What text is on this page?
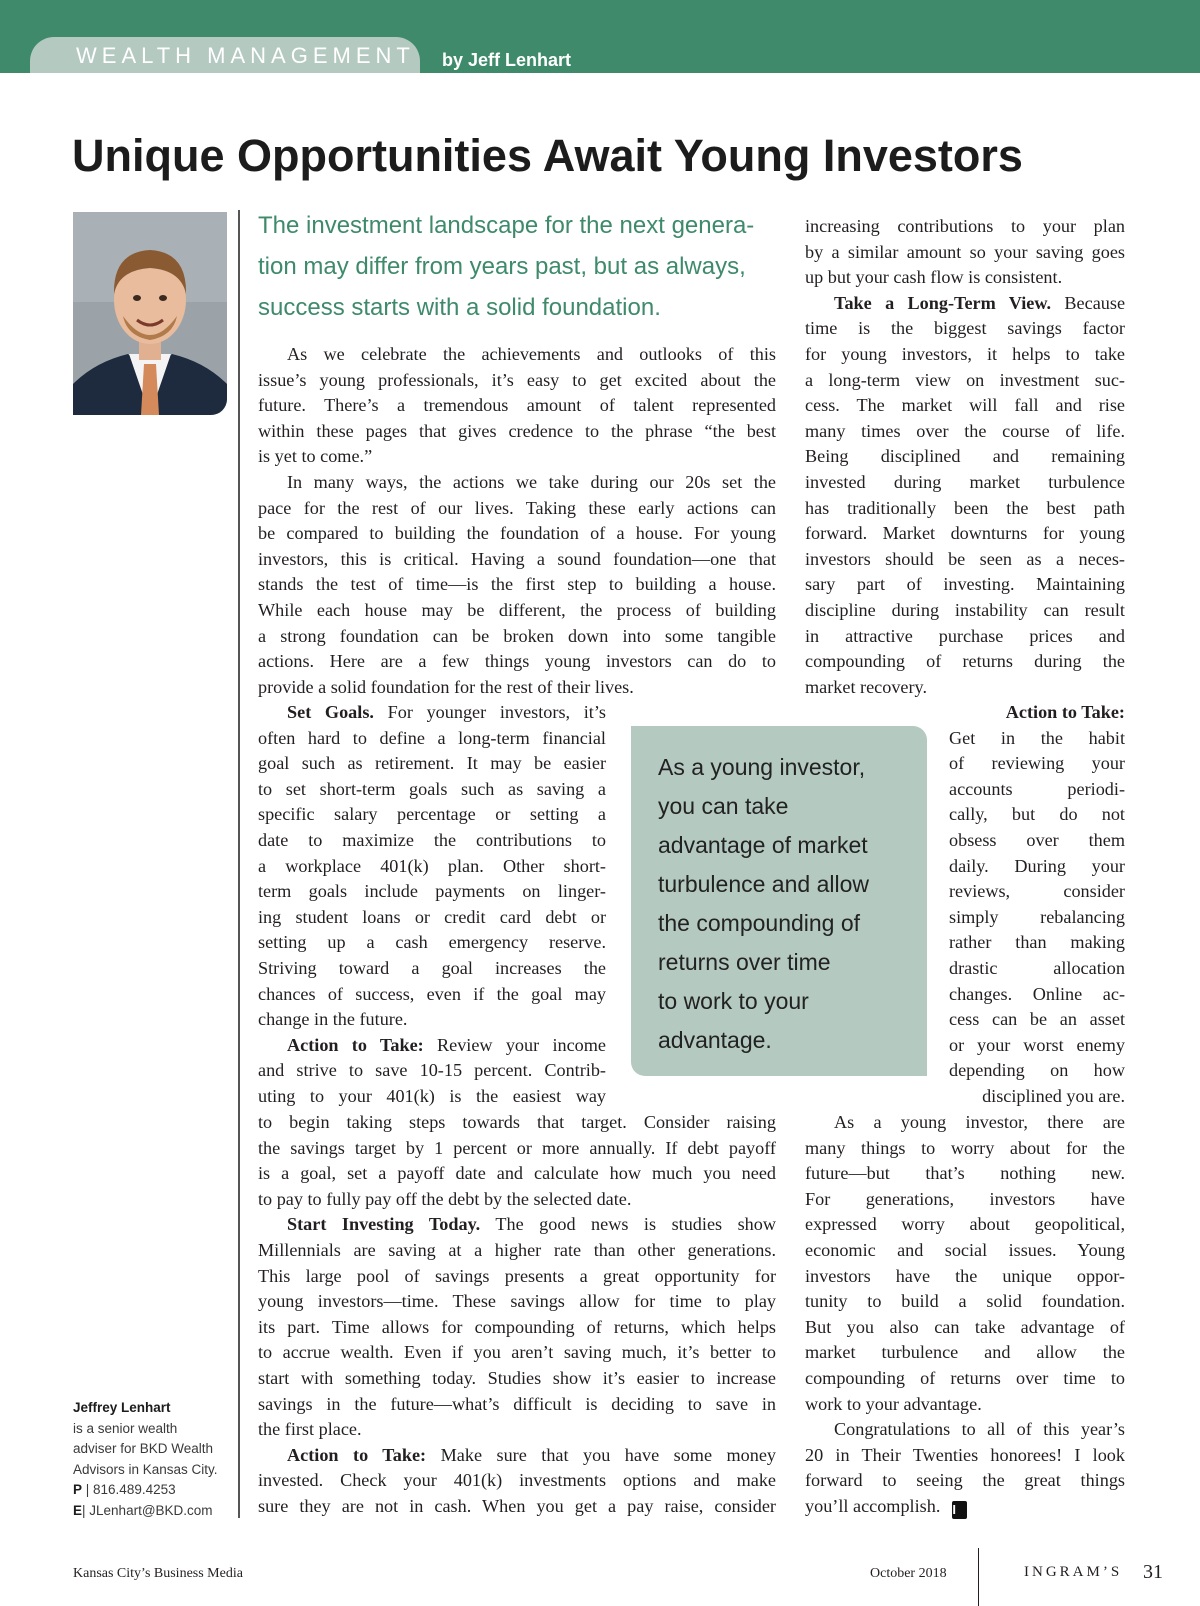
WEALTH MANAGEMENT by Jeff Lenhart
Unique Opportunities Await Young Investors
The investment landscape for the next genera-
tion may differ from years past, but as always,
success starts with a solid foundation.
As we celebrate the achievements and outlooks of this
issue’s young professionals, it’s easy to get excited about the
future. There’s a tremendous amount of talent represented
within these pages that gives credence to the phrase “the best
is yet to come.”
In many ways, the actions we take during our 20s set the
pace for the rest of our lives. Taking these early actions can
be compared to building the foundation of a house. For young
investors, this is critical. Having a sound foundation—one that
stands the test of time—is the first step to building a house.
While each house may be different, the process of building
a strong foundation can be broken down into some tangible
actions. Here are a few things young investors can do to
provide a solid foundation for the rest of their lives.
Set Goals. For younger investors, it’s
often hard to define a long-term financial
goal such as retirement. It may be easier
to set short-term goals such as saving a
specific salary percentage or setting a
date to maximize the contributions to
a workplace 401(k) plan. Other short-
term goals include payments on linger-
ing student loans or credit card debt or
setting up a cash emergency reserve.
Striving toward a goal increases the
chances of success, even if the goal may
change in the future.
Action to Take: Review your income
and strive to save 10-15 percent. Contrib-
uting to your 401(k) is the easiest way
to begin taking steps towards that target. Consider raising
the savings target by 1 percent or more annually. If debt payoff
is a goal, set a payoff date and calculate how much you need
to pay to fully pay off the debt by the selected date.
Start Investing Today. The good news is studies show
Millennials are saving at a higher rate than other generations.
This large pool of savings presents a great opportunity for
young investors—time. These savings allow for time to play
its part. Time allows for compounding of returns, which helps
to accrue wealth. Even if you aren’t saving much, it’s better to
start with something today. Studies show it’s easier to increase
savings in the future—what’s difficult is deciding to save in
the first place.
Action to Take: Make sure that you have some money
invested. Check your 401(k) investments options and make
sure they are not in cash. When you get a pay raise, consider
increasing contributions to your plan
by a similar amount so your saving goes
up but your cash flow is consistent.
Take a Long-Term View. Because
time is the biggest savings factor
for young investors, it helps to take
a long-term view on investment suc-
cess. The market will fall and rise
many times over the course of life.
Being disciplined and remaining
invested during market turbulence
has traditionally been the best path
forward. Market downturns for young
investors should be seen as a neces-
sary part of investing. Maintaining
discipline during instability can result
in attractive purchase prices and
compounding of returns during the
market recovery.
Action to Take:
Get in the habit
of reviewing your
accounts periodi-
cally, but do not
obsess over them
daily. During your
reviews, consider
simply rebalancing
rather than making
drastic allocation
changes. Online ac-
cess can be an asset
or your worst enemy
depending on how
disciplined you are.
As a young investor, there are
many things to worry about for the
future—but that’s nothing new.
For generations, investors have
expressed worry about geopolitical,
economic and social issues. Young
investors have the unique oppor-
tunity to build a solid foundation.
But you also can take advantage of
market turbulence and allow the
compounding of returns over time to
work to your advantage.
Congratulations to all of this year’s
20 in Their Twenties honorees! I look
forward to seeing the great things
you’ll accomplish. I
As a young investor,
you can take
advantage of market
turbulence and allow
the compounding of
returns over time
to work to your
advantage.
Jeffrey Lenhart
is a senior wealth
adviser for BKD Wealth
Advisors in Kansas City.
P | 816.489.4253
E| JLenhart@BKD.com
Kansas City’s Business Media	October 2018	INGRAM’S 31
